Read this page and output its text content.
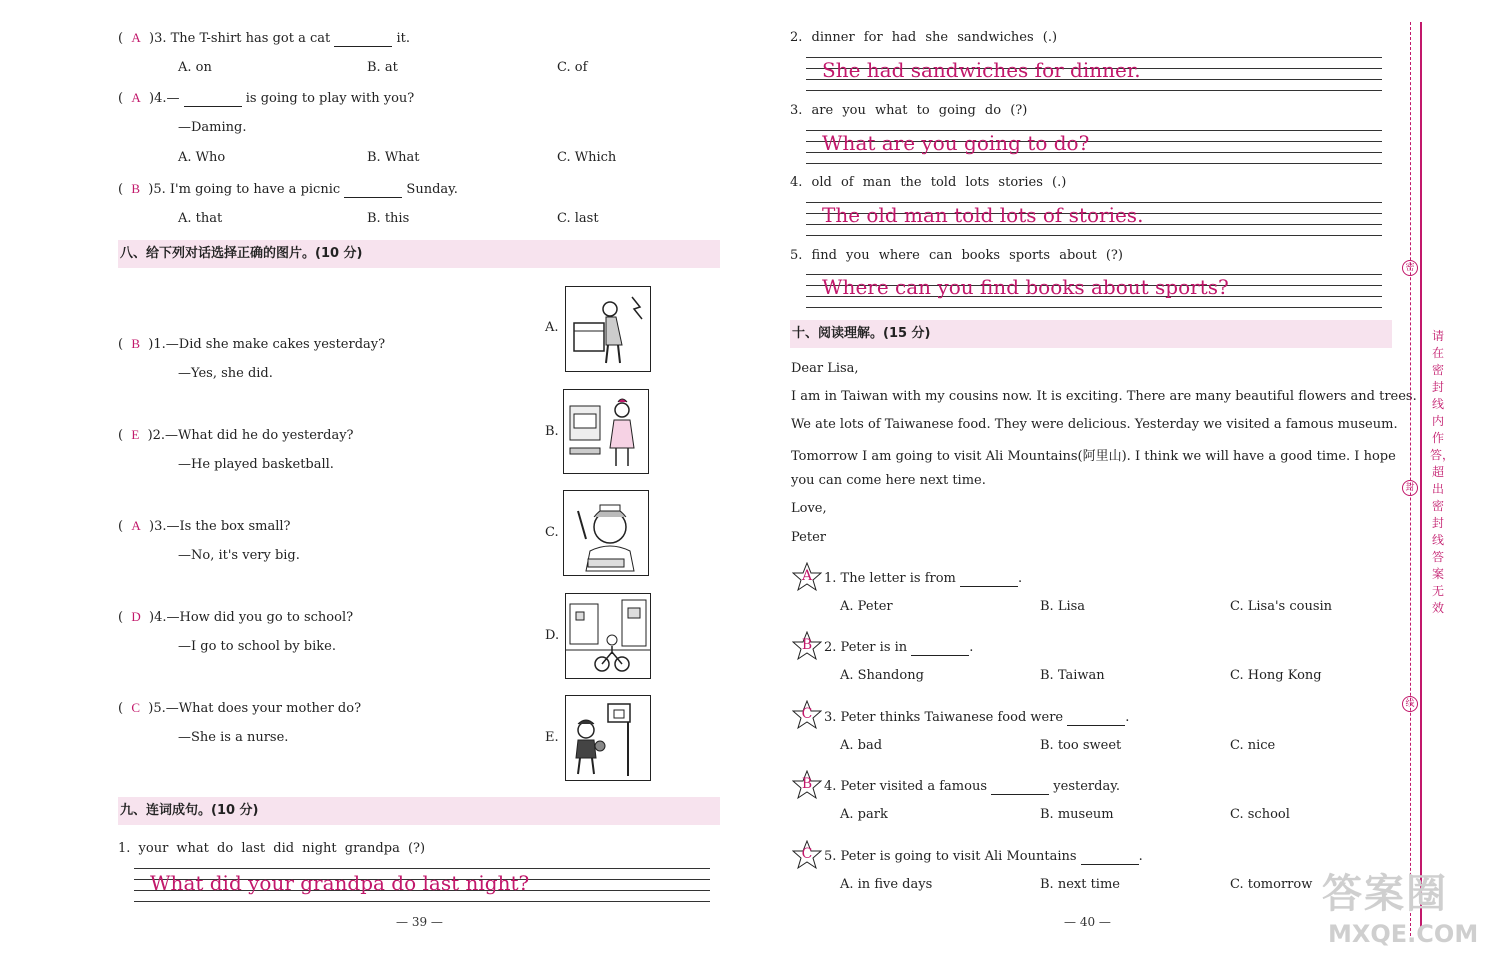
(  A )3. The T-shirt has got a cat	it.
A. on	B. at	C. of
(  A )4.—	is going to play with you?
—Daming.
A. Who	B. What	C. Which
(  B )5. I'm going to have a picnic	Sunday.
A. that	B. this	C. last
八、给下列对话选择正确的图片。(10 分)
(  B )1.—Did she make cakes yesterday?
—Yes, she did.
(  E )2.—What did he do yesterday?
—He played basketball.
(  A )3.—Is the box small?
—No, it's very big.
(  D )4.—How did you go to school?
—I go to school by bike.
(  C )5.—What does your mother do?
—She is a nurse.
A.
B.
C.
D.
E.
九、连词成句。(10 分)
1. your what do last did night grandpa (?)
What did your grandpa do last night?
— 39 —
2. dinner for had she sandwiches (.)
She had sandwiches for dinner.
3. are you what to going do (?)
What are you going to do?
4. old of man the told lots stories (.)
The old man told lots of stories.
5. find you where can books sports about (?)
Where can you find books about sports?
十、阅读理解。(15 分)
Dear Lisa,
I am in Taiwan with my cousins now. It is exciting. There are many beautiful flowers and trees.
We ate lots of Taiwanese food. They were delicious. Yesterday we visited a famous museum.
Tomorrow I am going to visit Ali Mountains(阿里山). I think we will have a good time. I hope
you can come here next time.
Love,
Peter
A 1. The letter is from	.
A. Peter	B. Lisa	C. Lisa's cousin
B 2. Peter is in	.
A. Shandong	B. Taiwan	C. Hong Kong
C 3. Peter thinks Taiwanese food were	.
A. bad	B. too sweet	C. nice
B 4. Peter visited a famous	yesterday.
A. park	B. museum	C. school
C 5. Peter is going to visit Ali Mountains	.
A. in five days	B. next time	C. tomorrow
— 40 —
密
封
线
请在密封线内作答，超出密封线答案无效
答案圈
MXQE.COM
